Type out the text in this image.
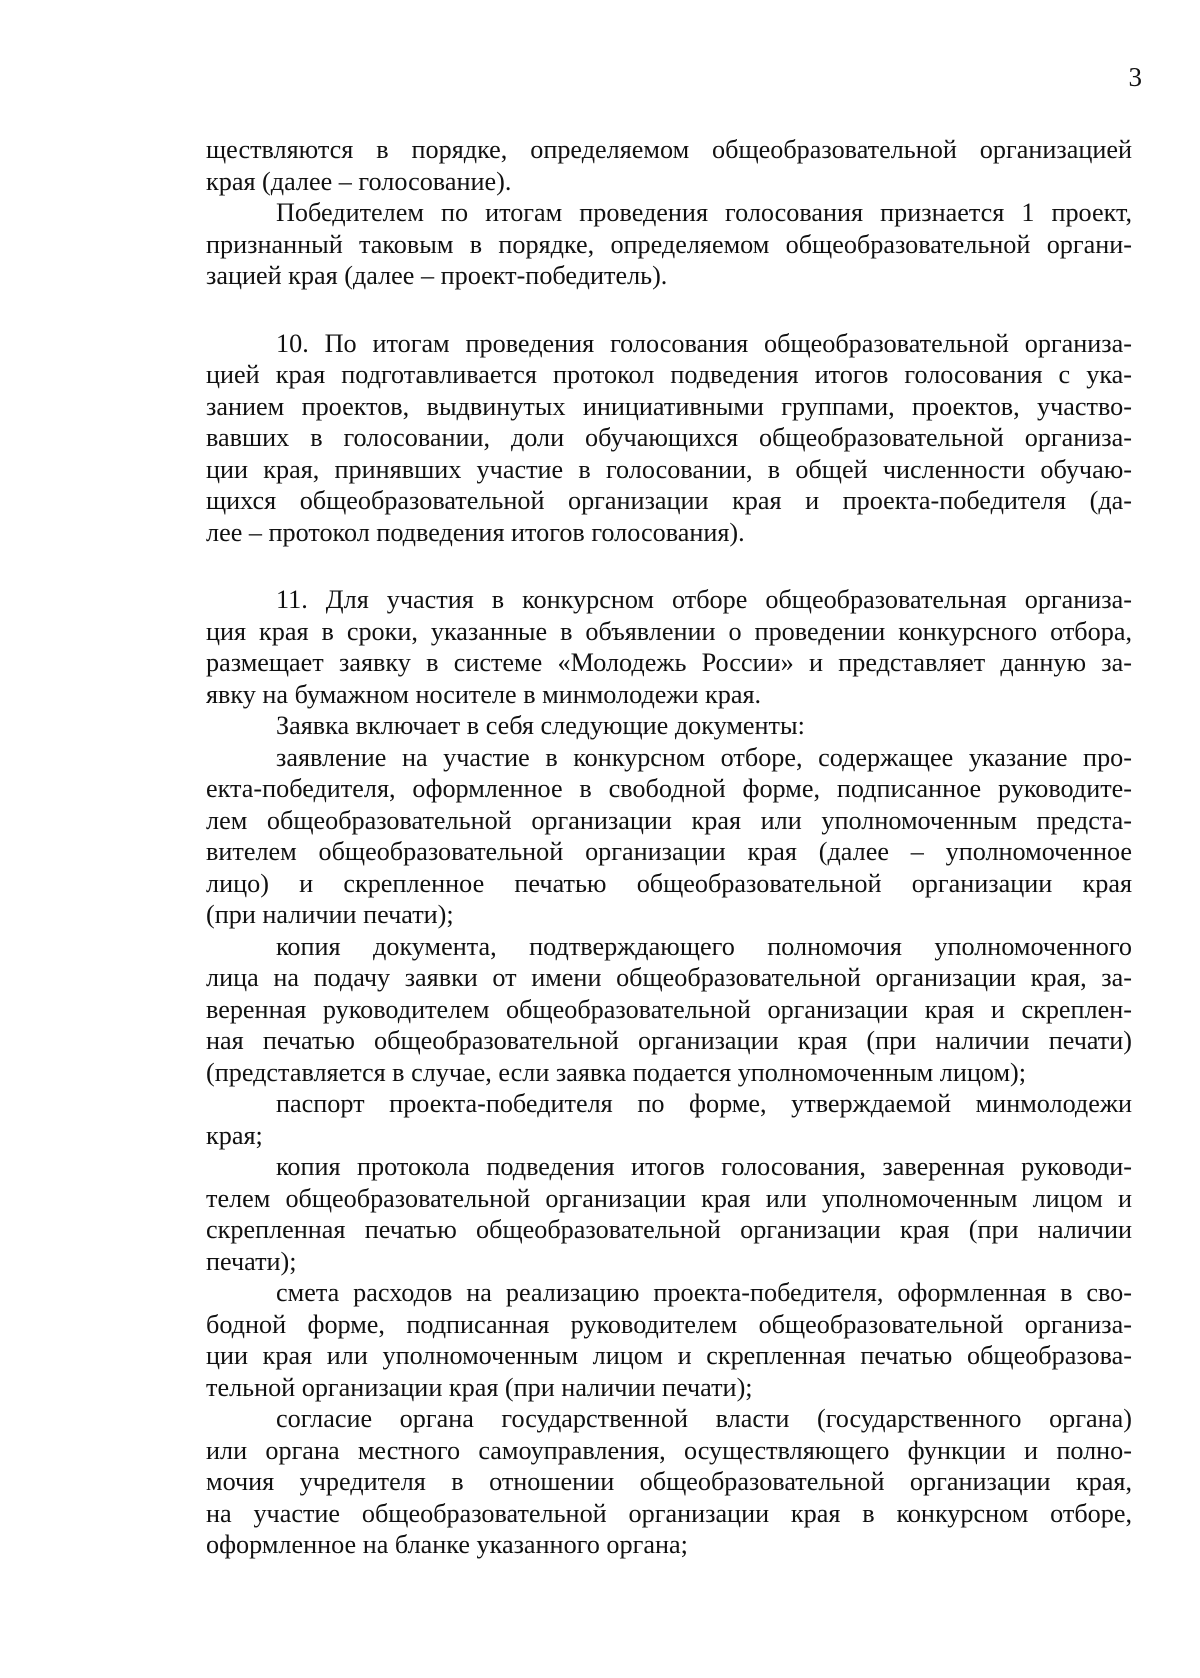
3

ществляются в порядке, определяемом общеобразовательной организацией

края (далее – голосование).

Победителем по итогам проведения голосования признается 1 проект,

признанный таковым в порядке, определяемом общеобразовательной органи-

зацией края (далее – проект-победитель).

10. По итогам проведения голосования общеобразовательной организа-

цией края подготавливается протокол подведения итогов голосования с ука-

занием проектов, выдвинутых инициативными группами, проектов, участво-

вавших в голосовании, доли обучающихся общеобразовательной организа-

ции края, принявших участие в голосовании, в общей численности обучаю-

щихся общеобразовательной организации края и проекта-победителя (да-

лее – протокол подведения итогов голосования).

11. Для участия в конкурсном отборе общеобразовательная организа-

ция края в сроки, указанные в объявлении о проведении конкурсного отбора,

размещает заявку в системе «Молодежь России» и представляет данную за-

явку на бумажном носителе в минмолодежи края.

Заявка включает в себя следующие документы:

заявление на участие в конкурсном отборе, содержащее указание про-

екта-победителя, оформленное в свободной форме, подписанное руководите-

лем общеобразовательной организации края или уполномоченным предста-

вителем общеобразовательной организации края (далее – уполномоченное

лицо) и скрепленное печатью общеобразовательной организации края

(при наличии печати);

копия документа, подтверждающего полномочия уполномоченного

лица на подачу заявки от имени общеобразовательной организации края, за-

веренная руководителем общеобразовательной организации края и скреплен-

ная печатью общеобразовательной организации края (при наличии печати)

(представляется в случае, если заявка подается уполномоченным лицом);

паспорт проекта-победителя по форме, утверждаемой минмолодежи

края;

копия протокола подведения итогов голосования, заверенная руководи-

телем общеобразовательной организации края или уполномоченным лицом и

скрепленная печатью общеобразовательной организации края (при наличии

печати);

смета расходов на реализацию проекта-победителя, оформленная в сво-

бодной форме, подписанная руководителем общеобразовательной организа-

ции края или уполномоченным лицом и скрепленная печатью общеобразова-

тельной организации края (при наличии печати);

согласие органа государственной власти (государственного органа)

или органа местного самоуправления, осуществляющего функции и полно-

мочия учредителя в отношении общеобразовательной организации края,

на участие общеобразовательной организации края в конкурсном отборе,

оформленное на бланке указанного органа;
